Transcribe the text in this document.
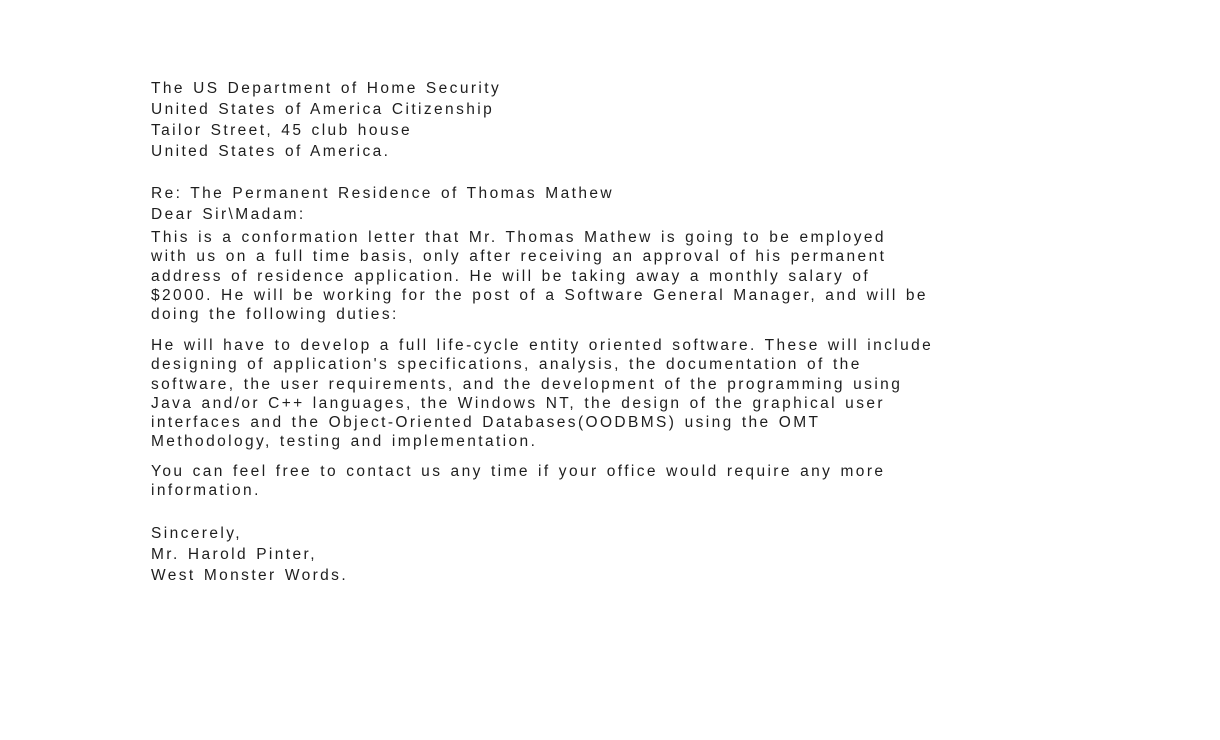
The US Department of Home Security
United States of America Citizenship
Tailor Street, 45 club house
United States of America.
Re: The Permanent Residence of Thomas Mathew
Dear Sir\Madam:
This is a conformation letter that Mr. Thomas Mathew is going to be employed
with us on a full time basis, only after receiving an approval of his permanent
address of residence application. He will be taking away a monthly salary of
$2000. He will be working for the post of a Software General Manager, and will be
doing the following duties:
He will have to develop a full life-cycle entity oriented software. These will include
designing of application's specifications, analysis, the documentation of the
software, the user requirements, and the development of the programming using
Java and/or C++ languages, the Windows NT, the design of the graphical user
interfaces and the Object-Oriented Databases(OODBMS) using the OMT
Methodology, testing and implementation.
You can feel free to contact us any time if your office would require any more
information.
Sincerely,
Mr. Harold Pinter,
West Monster Words.
